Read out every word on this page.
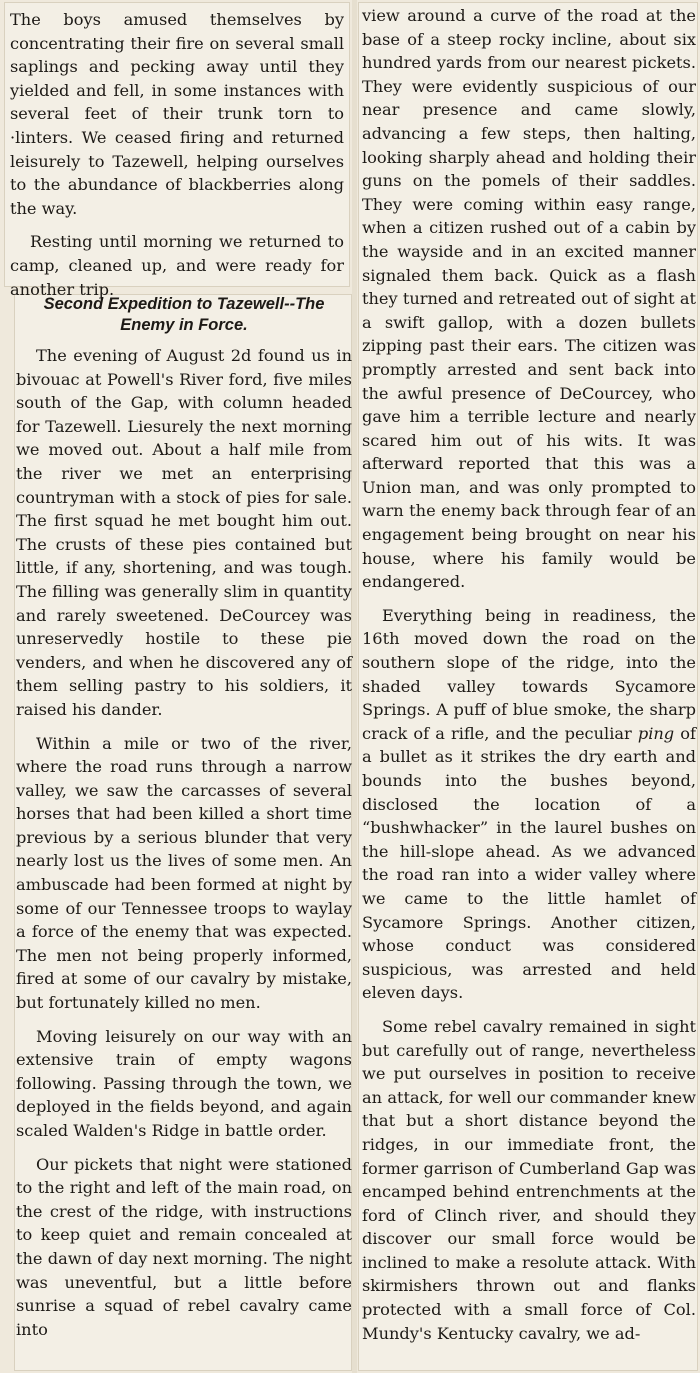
The boys amused themselves by concentrating their fire on several small saplings and pecking away until they yielded and fell, in some instances with several feet of their trunk torn to ·linters. We ceased firing and returned leisurely to Tazewell, helping ourselves to the abundance of blackberries along the way.

Resting until morning we returned to camp, cleaned up, and were ready for another trip.

Second Expedition to Tazewell--The
Enemy in Force.

The evening of August 2d found us in bivouac at Powell's River ford, five miles south of the Gap, with column headed for Tazewell. Liesurely the next morning we moved out. About a half mile from the river we met an enterprising countryman with a stock of pies for sale. The first squad he met bought him out. The crusts of these pies contained but little, if any, shortening, and was tough. The filling was generally slim in quantity and rarely sweetened. DeCourcey was unreservedly hostile to these pie venders, and when he discovered any of them selling pastry to his soldiers, it raised his dander.

Within a mile or two of the river, where the road runs through a narrow valley, we saw the carcasses of several horses that had been killed a short time previous by a serious blunder that very nearly lost us the lives of some men. An ambuscade had been formed at night by some of our Tennessee troops to waylay a force of the enemy that was expected. The men not being properly informed, fired at some of our cavalry by mistake, but fortunately killed no men.

Moving leisurely on our way with an extensive train of empty wagons following. Passing through the town, we deployed in the fields beyond, and again scaled Walden's Ridge in battle order.

Our pickets that night were stationed to the right and left of the main road, on the crest of the ridge, with instructions to keep quiet and remain concealed at the dawn of day next morning. The night was uneventful, but a little before sunrise a squad of rebel cavalry came into

view around a curve of the road at the base of a steep rocky incline, about six hundred yards from our nearest pickets. They were evidently suspicious of our near presence and came slowly, advancing a few steps, then halting, looking sharply ahead and holding their guns on the pomels of their saddles. They were coming within easy range, when a citizen rushed out of a cabin by the wayside and in an excited manner signaled them back. Quick as a flash they turned and retreated out of sight at a swift gallop, with a dozen bullets zipping past their ears. The citizen was promptly arrested and sent back into the awful presence of DeCourcey, who gave him a terrible lecture and nearly scared him out of his wits. It was afterward reported that this was a Union man, and was only prompted to warn the enemy back through fear of an engagement being brought on near his house, where his family would be endangered.

Everything being in readiness, the 16th moved down the road on the southern slope of the ridge, into the shaded valley towards Sycamore Springs. A puff of blue smoke, the sharp crack of a rifle, and the peculiar ping of a bullet as it strikes the dry earth and bounds into the bushes beyond, disclosed the location of a “bushwhacker” in the laurel bushes on the hill-slope ahead. As we advanced the road ran into a wider valley where we came to the little hamlet of Sycamore Springs. Another citizen, whose conduct was considered suspicious, was arrested and held eleven days.

Some rebel cavalry remained in sight but carefully out of range, nevertheless we put ourselves in position to receive an attack, for well our commander knew that but a short distance beyond the ridges, in our immediate front, the former garrison of Cumberland Gap was encamped behind entrenchments at the ford of Clinch river, and should they discover our small force would be inclined to make a resolute attack. With skirmishers thrown out and flanks protected with a small force of Col. Mundy's Kentucky cavalry, we ad-
